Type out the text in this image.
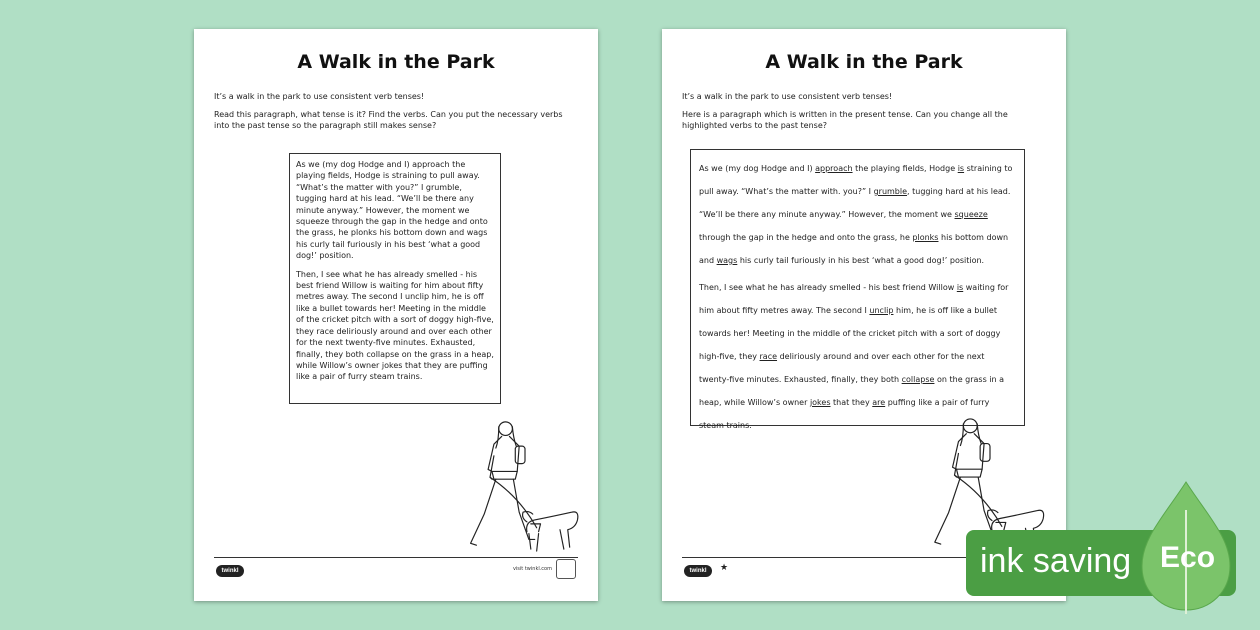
A Walk in the Park

It’s a walk in the park to use consistent verb tenses!

Read this paragraph, what tense is it? Find the verbs. Can you put the necessary verbs into the past tense so the paragraph still makes sense?

As we (my dog Hodge and I) approach the playing fields, Hodge is straining to pull away. “What’s the matter with you?” I grumble, tugging hard at his lead. “We’ll be there any minute anyway.” However, the moment we squeeze through the gap in the hedge and onto the grass, he plonks his bottom down and wags his curly tail furiously in his best ‘what a good dog!’ position.

Then, I see what he has already smelled - his best friend Willow is waiting for him about fifty metres away. The second I unclip him, he is off like a bullet towards her! Meeting in the middle of the cricket pitch with a sort of doggy high-five, they race deliriously around and over each other for the next twenty-five minutes. Exhausted, finally, they both collapse on the grass in a heap, while Willow’s owner jokes that they are puffing like a pair of furry steam trains.

twinkl	visit twinkl.com
A Walk in the Park

It’s a walk in the park to use consistent verb tenses!

Here is a paragraph which is written in the present tense. Can you change all the highlighted verbs to the past tense?

As we (my dog Hodge and I) approach the playing fields, Hodge is straining to pull away. “What’s the matter with. you?” I grumble, tugging hard at his lead. “We’ll be there any minute anyway.” However, the moment we squeeze through the gap in the hedge and onto the grass, he plonks his bottom down and wags his curly tail furiously in his best ‘what a good dog!’ position.

Then, I see what he has already smelled - his best friend Willow is waiting for him about fifty metres away. The second I unclip him, he is off like a bullet towards her! Meeting in the middle of the cricket pitch with a sort of doggy high-five, they race deliriously around and over each other for the next twenty-five minutes. Exhausted, finally, they both collapse on the grass in a heap, while Willow’s owner jokes that they are puffing like a pair of furry steam trains.

twinkl	★	ink saving Eco
